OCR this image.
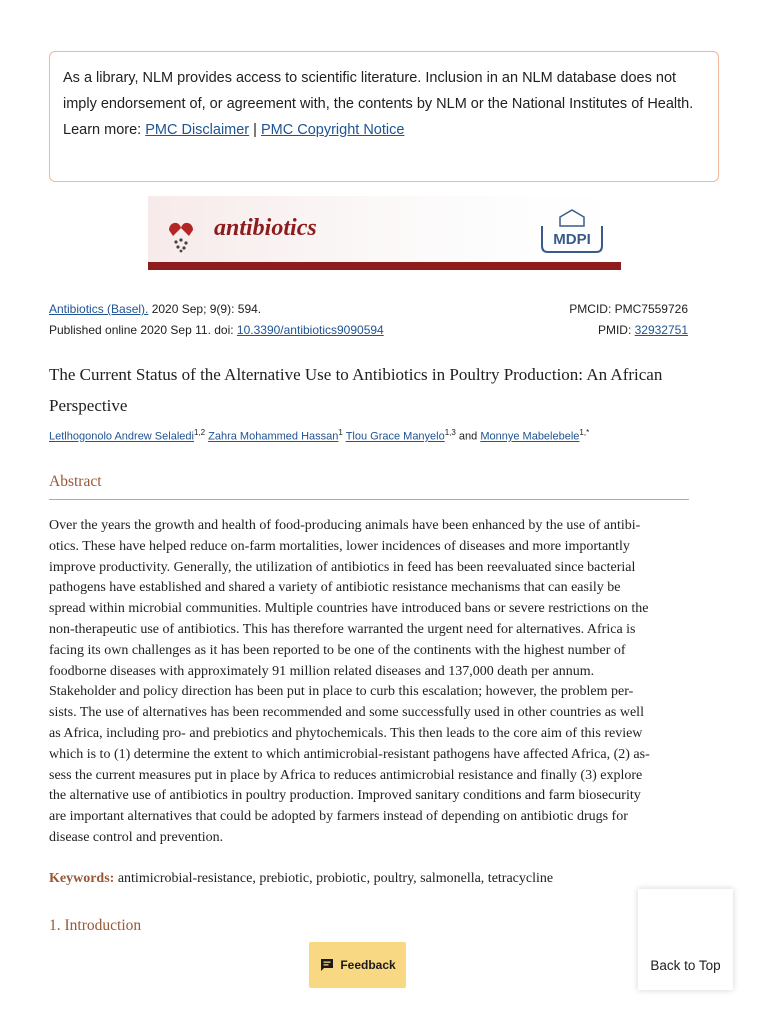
As a library, NLM provides access to scientific literature. Inclusion in an NLM database does not imply endorsement of, or agreement with, the contents by NLM or the National Institutes of Health.
Learn more: PMC Disclaimer | PMC Copyright Notice
antibiotics	MDPI
Antibiotics (Basel). 2020 Sep; 9(9): 594.
Published online 2020 Sep 11. doi: 10.3390/antibiotics9090594
PMCID: PMC7559726
PMID: 32932751
The Current Status of the Alternative Use to Antibiotics in Poultry Production: An African Perspective
Letlhogonolo Andrew Selaledi$^{1,2}$ Zahra Mohammed Hassan$^1$ Tlou Grace Manyelo$^{1,3}$ and Monnye Mabelebele$^{1,*}$
Abstract
Over the years the growth and health of food-producing animals have been enhanced by the use of antibi-
otics. These have helped reduce on-farm mortalities, lower incidences of diseases and more importantly
improve productivity. Generally, the utilization of antibiotics in feed has been reevaluated since bacterial
pathogens have established and shared a variety of antibiotic resistance mechanisms that can easily be
spread within microbial communities. Multiple countries have introduced bans or severe restrictions on the
non-therapeutic use of antibiotics. This has therefore warranted the urgent need for alternatives. Africa is
facing its own challenges as it has been reported to be one of the continents with the highest number of
foodborne diseases with approximately 91 million related diseases and 137,000 death per annum.
Stakeholder and policy direction has been put in place to curb this escalation; however, the problem per-
sists. The use of alternatives has been recommended and some successfully used in other countries as well
as Africa, including pro- and prebiotics and phytochemicals. This then leads to the core aim of this review
which is to (1) determine the extent to which antimicrobial-resistant pathogens have affected Africa, (2) as-
sess the current measures put in place by Africa to reduces antimicrobial resistance and finally (3) explore
the alternative use of antibiotics in poultry production. Improved sanitary conditions and farm biosecurity
are important alternatives that could be adopted by farmers instead of depending on antibiotic drugs for
disease control and prevention.
Keywords: antimicrobial-resistance, prebiotic, probiotic, poultry, salmonella, tetracycline
1. Introduction
Feedback	Back to Top
